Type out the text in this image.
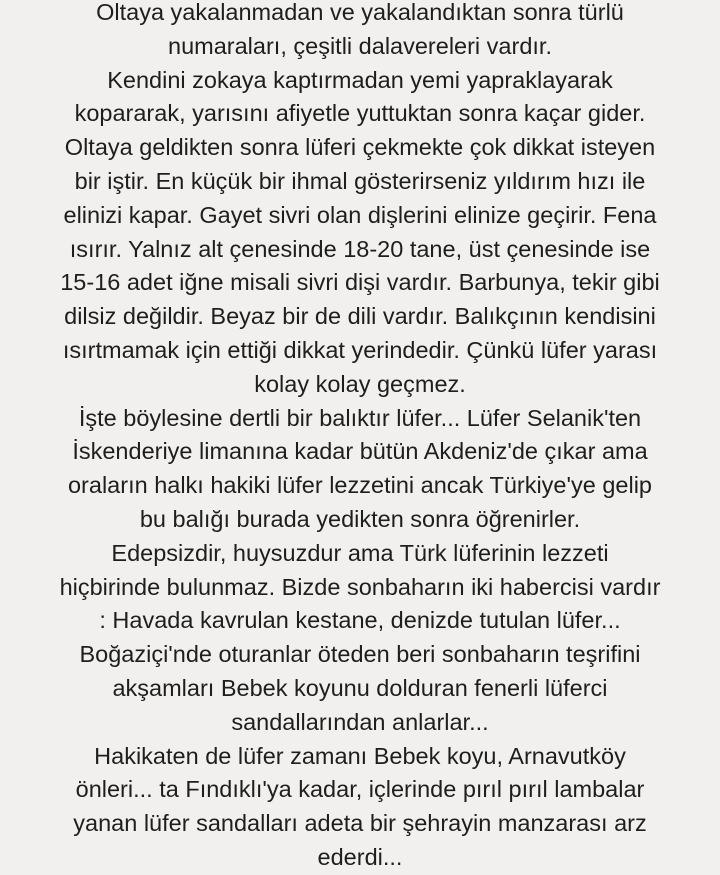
Oltaya yakalanmadan ve yakalandıktan sonra türlü
numaraları, çeşitli dalavereleri vardır.
Kendini zokaya kaptırmadan yemi yapraklayarak
kopararak, yarısını afiyetle yuttuktan sonra kaçar gider.
Oltaya geldikten sonra lüferi çekmekte çok dikkat isteyen
bir iştir. En küçük bir ihmal gösterirseniz yıldırım hızı ile
elinizi kapar. Gayet sivri olan dişlerini elinize geçirir. Fena
ısırır. Yalnız alt çenesinde 18-20 tane, üst çenesinde ise
15-16 adet iğne misali sivri dişi vardır. Barbunya, tekir gibi
dilsiz değildir. Beyaz bir de dili vardır. Balıkçının kendisini
ısırtmamak için ettiği dikkat yerindedir. Çünkü lüfer yarası
kolay kolay geçmez.
İşte böylesine dertli bir balıktır lüfer... Lüfer Selanik'ten
İskenderiye limanına kadar bütün Akdeniz'de çıkar ama
oraların halkı hakiki lüfer lezzetini ancak Türkiye'ye gelip
bu balığı burada yedikten sonra öğrenirler.
Edepsizdir, huysuzdur ama Türk lüferinin lezzeti
hiçbirinde bulunmaz. Bizde sonbaharın iki habercisi vardır
: Havada kavrulan kestane, denizde tutulan lüfer...
Boğaziçi'nde oturanlar öteden beri sonbaharın teşrifini
akşamları Bebek koyunu dolduran fenerli lüferci
sandallarından anlarlar...
Hakikaten de lüfer zamanı Bebek koyu, Arnavutköy
önleri... ta Fındıklı'ya kadar, içlerinde pırıl pırıl lambalar
yanan lüfer sandalları adeta bir şehrayin manzarası arz
ederdi...
